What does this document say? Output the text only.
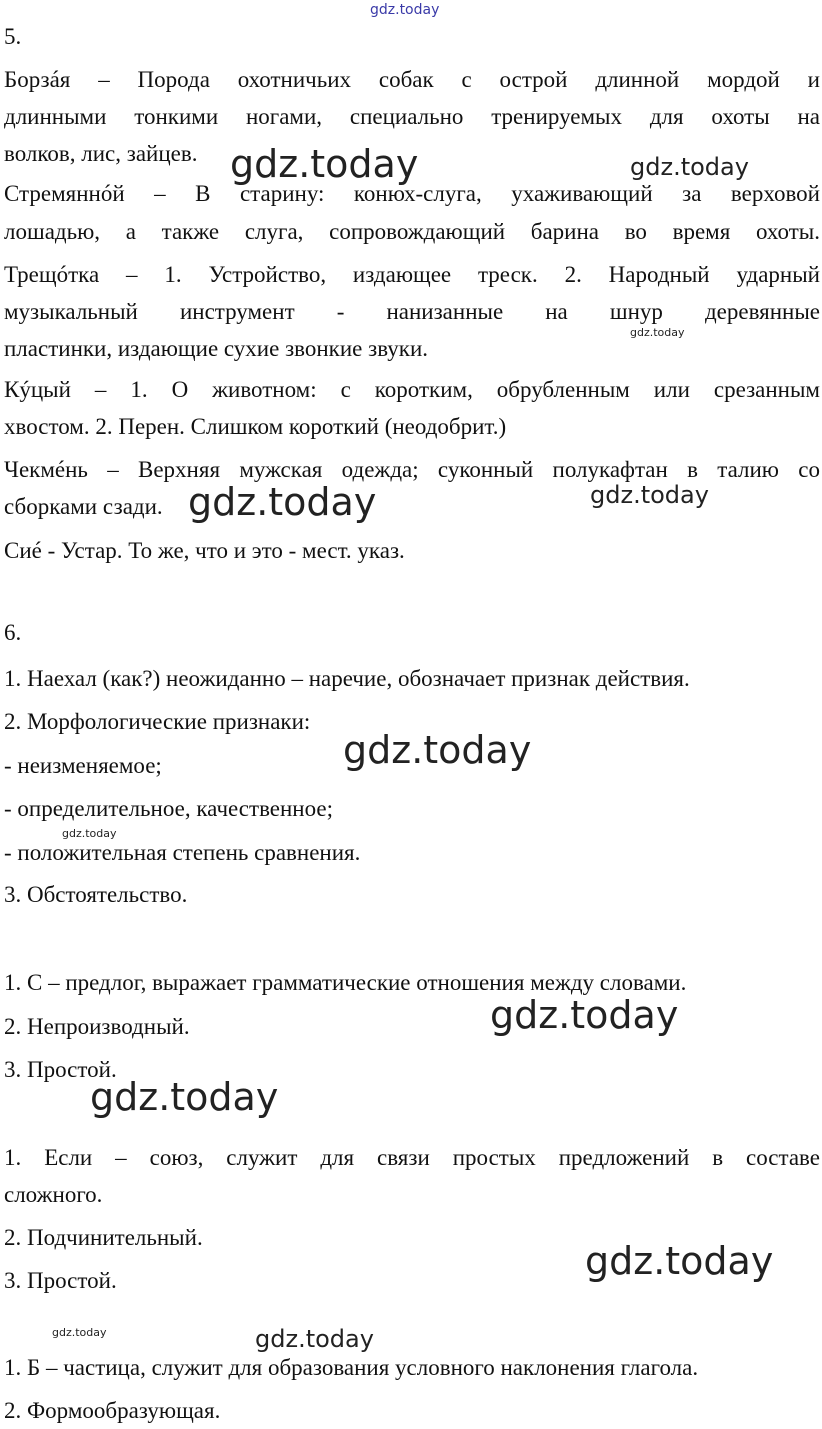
gdz.today
5.
Борзáя – Порода охотничьих собак с острой длинной мордой и
длинными тонкими ногами, специально тренируемых для охоты на
волков, лис, зайцев. gdz.today	gdz.today
Стремяннóй – В старину: конюх-слуга, ухаживающий за верховой
лошадью, а также слуга, сопровождающий барина во время охоты.
Трещóтка – 1. Устройство, издающее треск. 2. Народный ударный
музыкальный инструмент - нанизанные на шнур деревянные
gdz.today
пластинки, издающие сухие звонкие звуки.
Кýцый – 1. О животном: с коротким, обрубленным или срезанным
хвостом. 2. Перен. Слишком короткий (неодобрит.)
Чекмéнь – Верхняя мужская одежда; суконный полукафтан в талию со
сборками сзади. gdz.today	gdz.today
Сиé - Устар. То же, что и это - мест. указ.
6.
1. Наехал (как?) неожиданно – наречие, обозначает признак действия.
2. Морфологические признаки:
gdz.today
- неизменяемое;
- определительное, качественное;
gdz.today
- положительная степень сравнения.
3. Обстоятельство.
1. С – предлог, выражает грамматические отношения между словами.
gdz.today
2. Непроизводный.
3. Простой.
gdz.today
1. Если – союз, служит для связи простых предложений в составе
сложного.
2. Подчинительный.
gdz.today
3. Простой.
gdz.today	gdz.today
1. Б – частица, служит для образования условного наклонения глагола.
2. Формообразующая.
